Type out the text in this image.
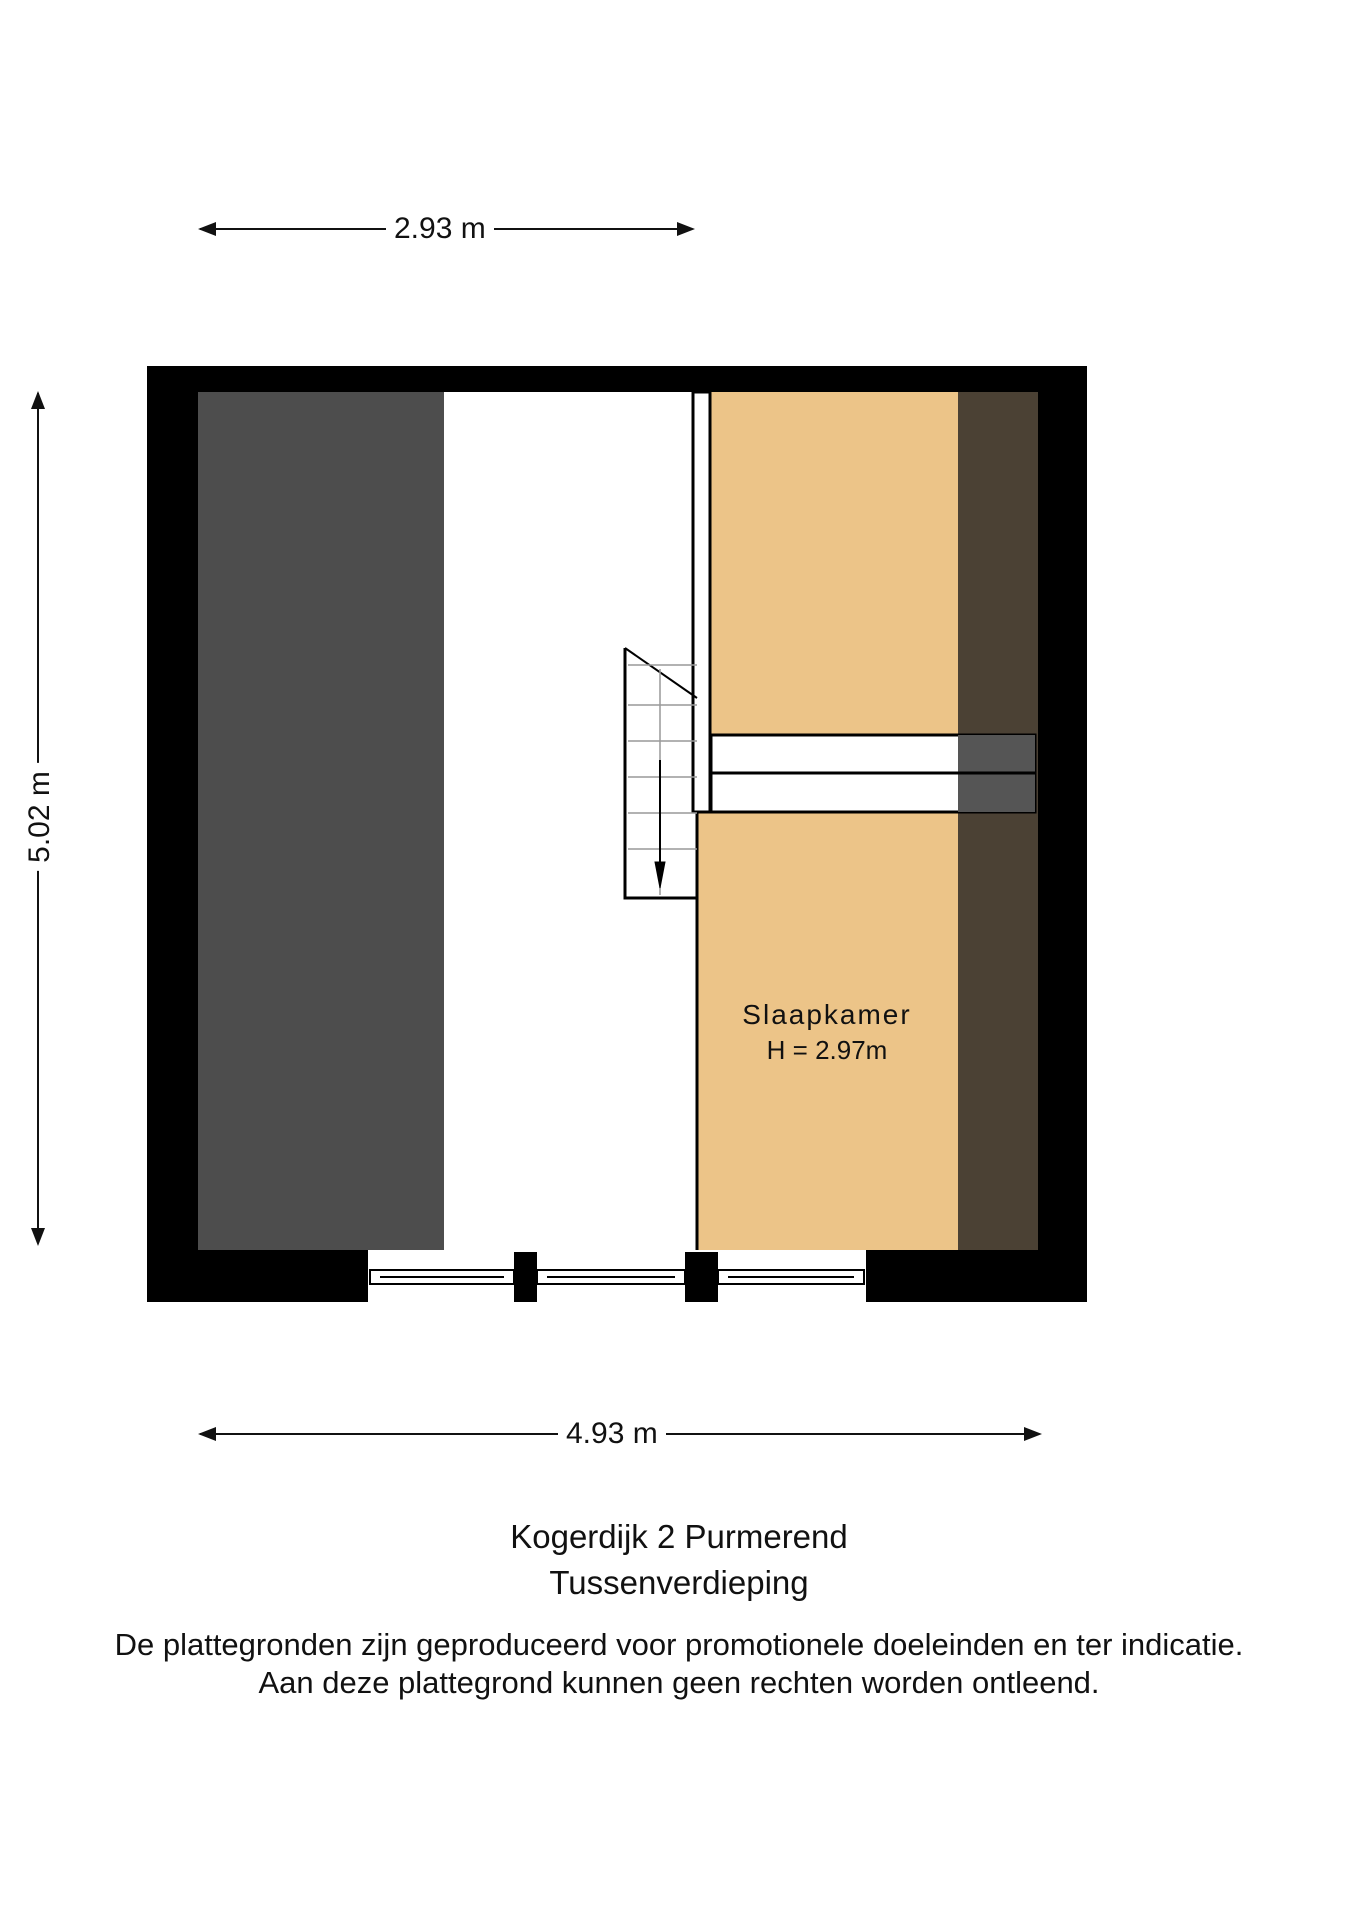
2.93 m
5.02 m
Slaapkamer
H = 2.97m
4.93 m
Kogerdijk 2 Purmerend
Tussenverdieping
De plattegronden zijn geproduceerd voor promotionele doeleinden en ter indicatie.
Aan deze plattegrond kunnen geen rechten worden ontleend.
